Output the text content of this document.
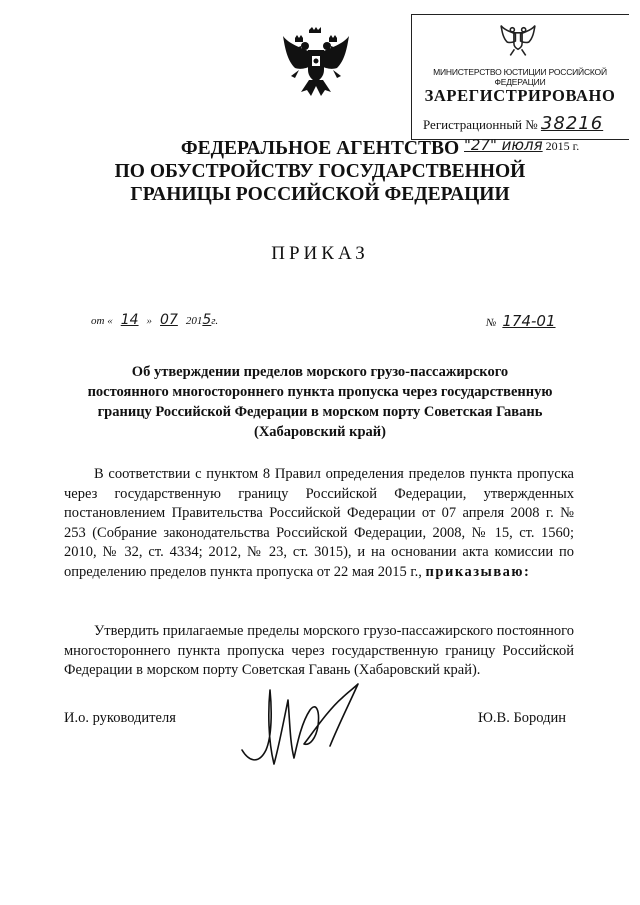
МИНИСТЕРСТВО ЮСТИЦИИ РОССИЙСКОЙ ФЕДЕРАЦИИ
ЗАРЕГИСТРИРОВАНО
Регистрационный № 38216
ФЕДЕРАЛЬНОЕ АГЕНТСТВО
ПО ОБУСТРОЙСТВУ ГОСУДАРСТВЕННОЙ
ГРАНИЦЫ РОССИЙСКОЙ ФЕДЕРАЦИИ
"27" июля 2015 г.
ПРИКАЗ
от « 14 » 07 2015г.	№ 174-01
Об утверждении пределов морского грузо-пассажирского
постоянного многостороннего пункта пропуска через государственную
границу Российской Федерации в морском порту Советская Гавань
(Хабаровский край)
В соответствии с пунктом 8 Правил определения пределов пункта пропуска через государственную границу Российской Федерации, утвержденных постановлением Правительства Российской Федерации от 07 апреля 2008 г. № 253 (Собрание законодательства Российской Федерации, 2008, № 15, ст. 1560; 2010, № 32, ст. 4334; 2012, № 23, ст. 3015), и на основании акта комиссии по определению пределов пункта пропуска от 22 мая 2015 г., приказываю:
Утвердить прилагаемые пределы морского грузо-пассажирского постоянного многостороннего пункта пропуска через государственную границу Российской Федерации в морском порту Советская Гавань (Хабаровский край).
И.о. руководителя	Ю.В. Бородин
